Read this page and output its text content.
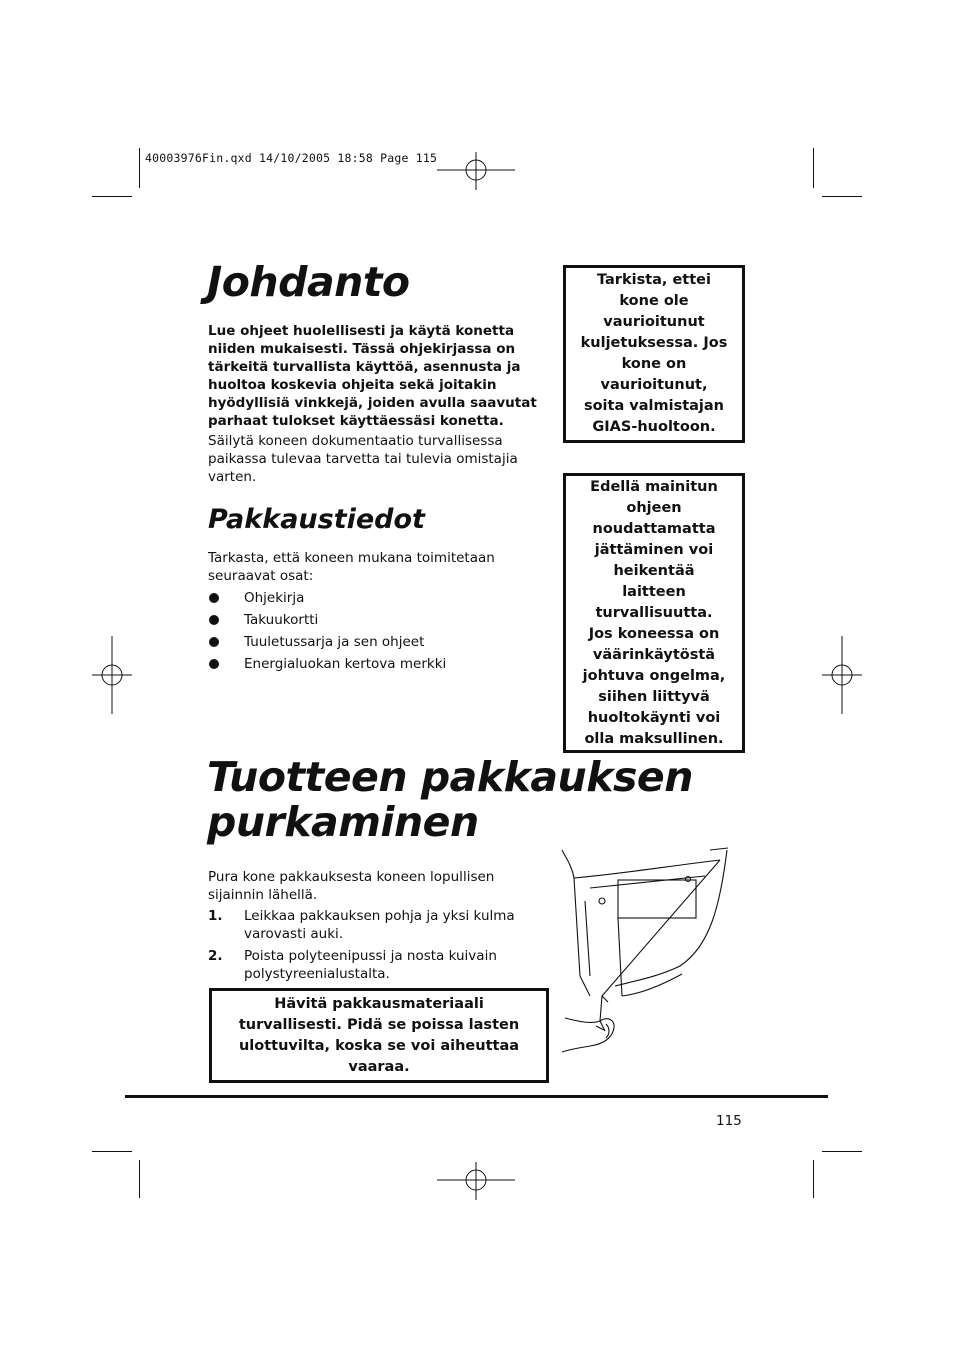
40003976Fin.qxd 14/10/2005 18:58 Page 115
Johdanto

Lue ohjeet huolellisesti ja käytä konetta niiden mukaisesti. Tässä ohjekirjassa on tärkeitä turvallista käyttöä, asennusta ja huoltoa koskevia ohjeita sekä joitakin hyödyllisiä vinkkejä, joiden avulla saavutat parhaat tulokset käyttäessäsi konetta.

Säilytä koneen dokumentaatio turvallisessa paikassa tulevaa tarvetta tai tulevia omistajia varten.

Pakkaustiedot

Tarkasta, että koneen mukana toimitetaan seuraavat osat:

Ohjekirja
Takuukortti
Tuuletussarja ja sen ohjeet
Energialuokan kertova merkki
Tarkista, ettei kone ole vaurioitunut kuljetuksessa. Jos kone on vaurioitunut, soita valmistajan GIAS-huoltoon.
Edellä mainitun ohjeen noudattamatta jättäminen voi heikentää laitteen turvallisuutta. Jos koneessa on väärinkäytöstä johtuva ongelma, siihen liittyvä huoltokäynti voi olla maksullinen.
Tuotteen pakkauksen
purkaminen

Pura kone pakkauksesta koneen lopullisen sijainnin lähellä.

1. Leikkaa pakkauksen pohja ja yksi kulma varovasti auki.
2. Poista polyteenipussi ja nosta kuivain polystyreenialustalta.
Hävitä pakkausmateriaali turvallisesti. Pidä se poissa lasten ulottuvilta, koska se voi aiheuttaa vaaraa.
115
